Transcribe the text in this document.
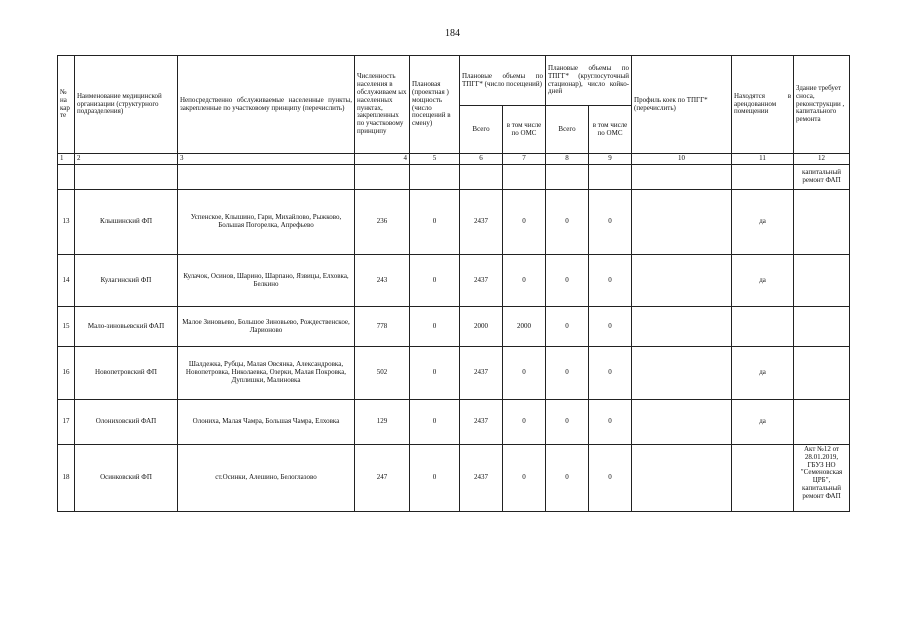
184
№ на кар те	Наименование медицинской организации (структурного подразделения)	Непосредственно обслуживаемые населенные пункты, закрепленные по участковому принципу (перечислить)	Численность населения в обслуживаем ых населенных пунктах, закрепленных по участковому принципу	Плановая (проектная ) мощность (число посещений в смену)	Плановые объемы по ТПГГ* (число посещений)		Плановые объемы по ТПГГ* (круглосуточный стационар), число койко-дней		Профиль коек по ТПГГ* (перечислить)	Находятся в арендованном помещении	Здание требует сноса, реконструкции , капитального ремонта
					Всего	в том числе по ОМС	Всего	в том числе по ОМС			
1	2	3	4	5	6	7	8	9	10	11	12
											капитальный ремонт ФАП
13	Клышинский ФП	Успенское, Клышино, Гари, Михайлово, Рыжково, Большая Погорелка, Апрефьево	236	0	2437	0	0	0		да	
14	Кулагинский ФП	Кулачок, Осинов, Шарино, Шарпано, Язвицы, Елховка, Белкино	243	0	2437	0	0	0		да	
15	Мало-зиновьевский ФАП	Малое Зиновьево, Большое Зиновьево, Рождественское, Ларионово	778	0	2000	2000	0	0			
16	Новопетровский ФП	Шалдежка, Рубцы, Малая Овсянка, Александровка, Новопетровка, Николаевка, Озерки, Малая Покровка, Дуплишки, Малиновка	502	0	2437	0	0	0		да	
17	Олониховский ФАП	Олониха, Малая Чамра, Большая Чамра, Елховка	129	0	2437	0	0	0		да	
18	Осинковский ФП	ст.Осинки, Алешино, Белоглазово	247	0	2437	0	0	0			Акт №12 от 28.01.2019, ГБУЗ НО "Семеновская ЦРБ", капитальный ремонт ФАП
